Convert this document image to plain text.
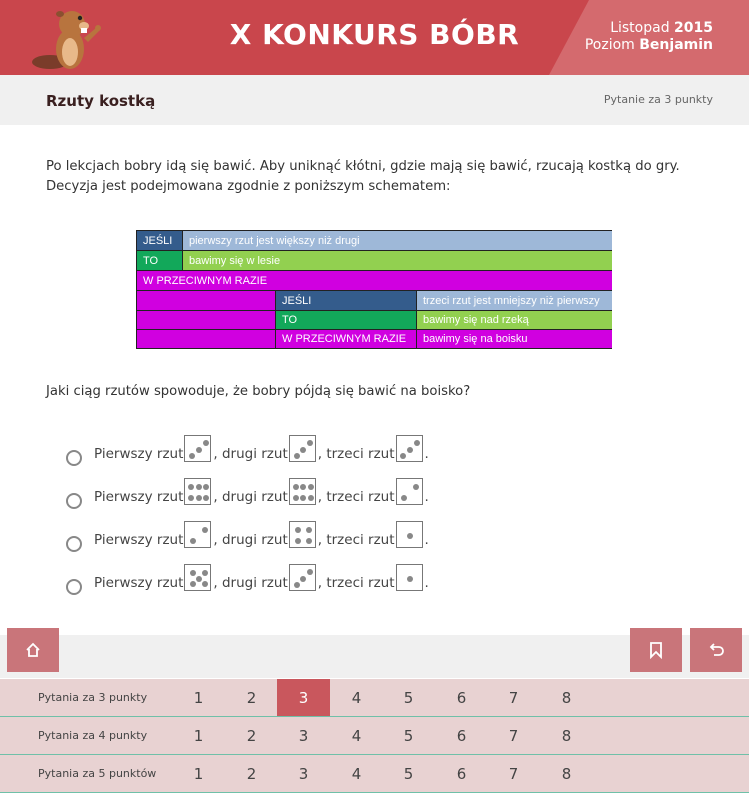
X KONKURS BÓBR	Listopad 2015
Poziom Benjamin
Rzuty kostką	Pytanie za 3 punkty
Po lekcjach bobry idą się bawić. Aby uniknąć kłótni, gdzie mają się bawić, rzucają kostką do gry. Decyzja jest podejmowana zgodnie z poniższym schematem:
JEŚLI	pierwszy rzut jest większy niż drugi
TO	bawimy się w lesie
W PRZECIWNYM RAZIE
JEŚLI	trzeci rzut jest mniejszy niż pierwszy
TO	bawimy się nad rzeką
W PRZECIWNYM RAZIE	bawimy się na boisku
Jaki ciąg rzutów spowoduje, że bobry pójdą się bawić na boisko?
Pierwszy rzut , drugi rzut , trzeci rzut .
Pierwszy rzut , drugi rzut , trzeci rzut .
Pierwszy rzut , drugi rzut , trzeci rzut .
Pierwszy rzut , drugi rzut , trzeci rzut .
Pytania za 3 punkty	1	2	3	4	5	6	7	8
Pytania za 4 punkty	1	2	3	4	5	6	7	8
Pytania za 5 punktów	1	2	3	4	5	6	7	8
